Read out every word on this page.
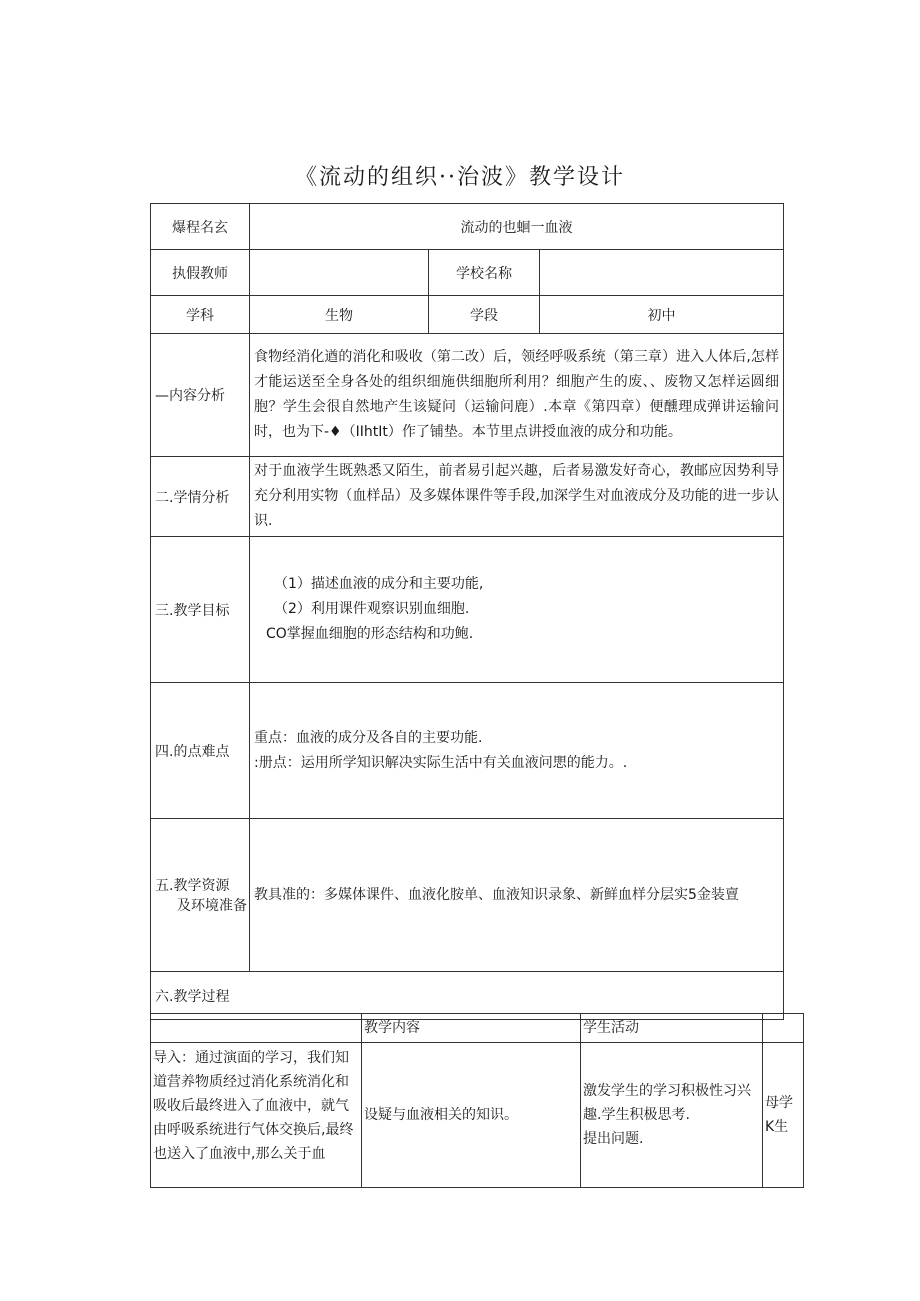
《流动的组织··治波》教学设计
爆程名玄	流动的也蛔一血液		
执假教师		学校名称	
学科	生物	学段	初中
—内容分析	食物经消化遒的消化和吸收（第二改）后，领经呼吸系统（第三章）进入人体后,怎样才能运送至全身各处的组织细施供细胞所利用？细胞产生的废、、废物又怎样运圆细胞？学生会很自然地产生该疑问（运输问鹿）.本章《第四章）便醺理成弹讲运输问时，也为下-♦（IIhtIt）作了铺垫。本节里点讲授血液的成分和功能。		
二.学情分析	对于血液学生既熟悉又陌生，前者易引起兴趣，后者易激发好奇心，教邮应因势利导充分利用实物（血样品）及多媒体课件等手段,加深学生对血液成分及功能的进一步认识.		
三.教学目标	（1）描述血液的成分和主要功能,
（2）利用课件观察识别血细胞.
CO掌握血细胞的形态结构和功鲍.		

四.的点难点	重点：血液的成分及各自的主要功能.
:册点：运用所学知识解决实际生活中有关血液问愳的能力。.		

五.教学资源
及环境准备	教具准的：多媒体课件、血液化胺单、血液知识录象、新鲜血样分层实5金装亶		
六.教学过程			
	教学内容	学生活动	
导入：通过演面的学习，我们知道营养物质经过消化系统消化和吸收后最终进入了血液中，就气由呼吸系统进行气体交换后,最终也送入了血液中,那么关于血	设疑与血液相关的知识。	激发学生的学习积极性习兴趣.学生积极思考.
提出问题.	母学K生
